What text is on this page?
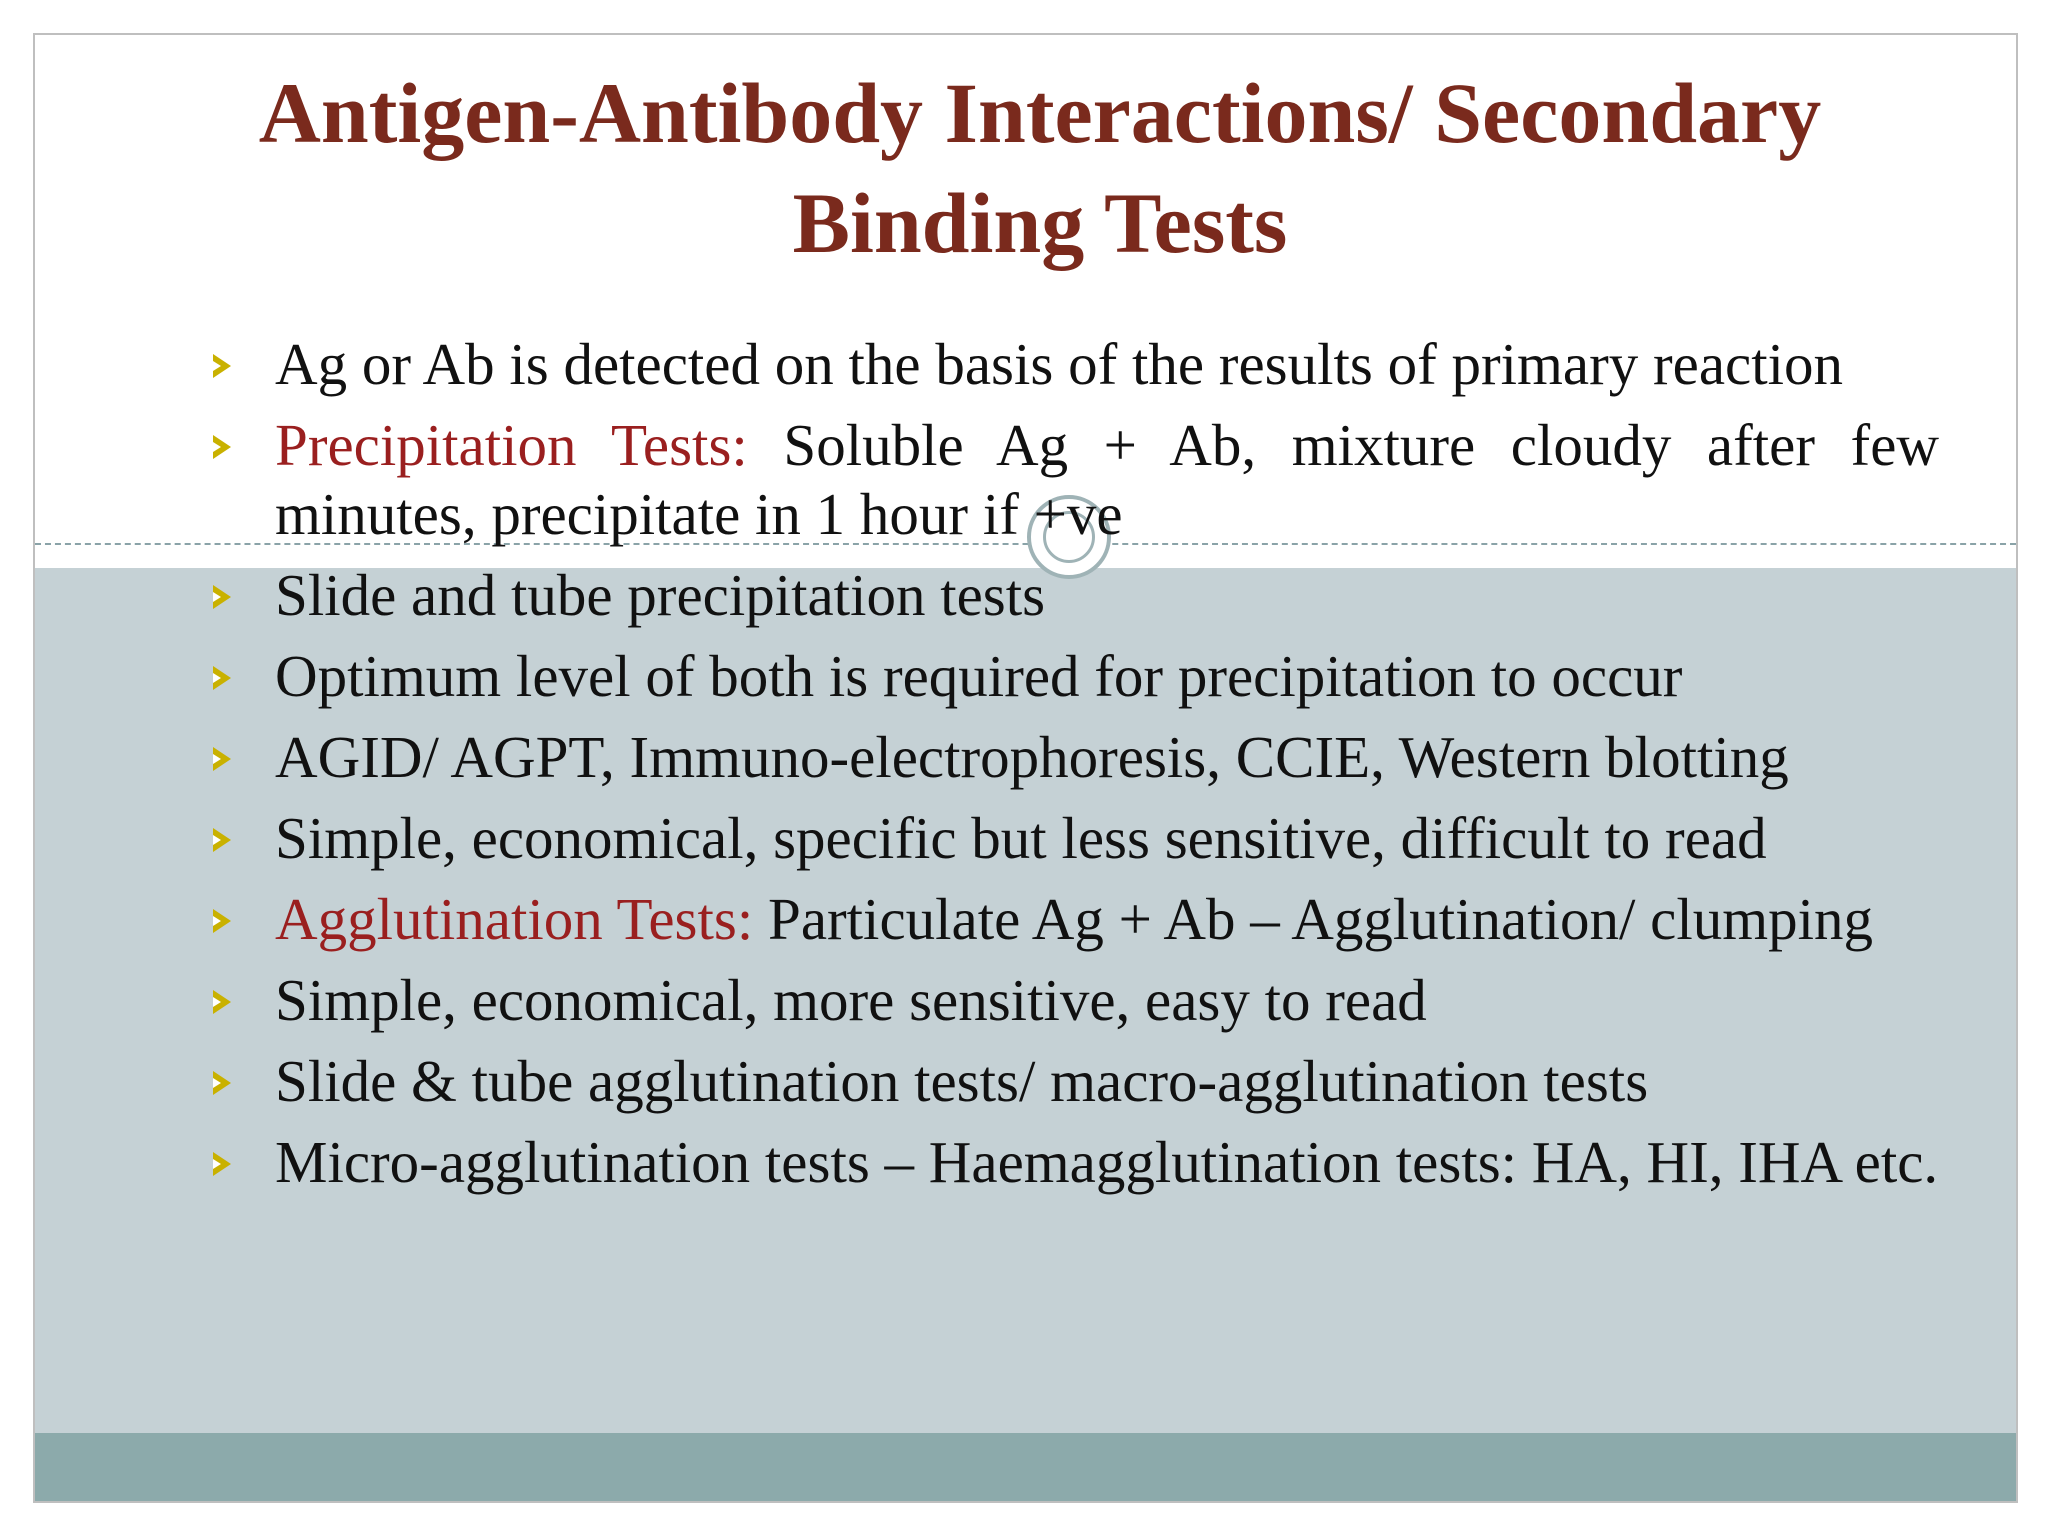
Antigen-Antibody Interactions/ Secondary Binding Tests
Ag or Ab is detected on the basis of the results of primary reaction
Precipitation Tests: Soluble Ag + Ab, mixture cloudy after few minutes, precipitate in 1 hour if +ve
Slide and tube precipitation tests
Optimum level of both is required for precipitation to occur
AGID/ AGPT, Immuno-electrophoresis, CCIE, Western blotting
Simple, economical, specific but less sensitive, difficult to read
Agglutination Tests: Particulate Ag + Ab – Agglutination/ clumping
Simple, economical, more sensitive, easy to read
Slide & tube agglutination tests/ macro-agglutination tests
Micro-agglutination tests – Haemagglutination tests: HA, HI, IHA etc.
